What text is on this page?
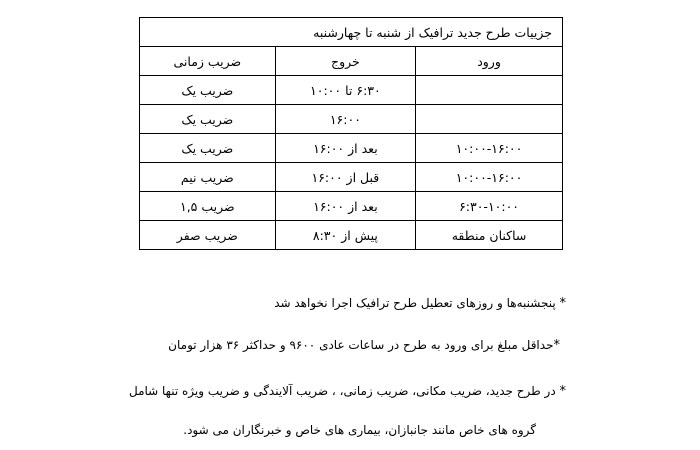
جزییات طرح جدید ترافیک از شنبه تا چهارشنبه		
ورود	خروج	ضریب زمانی
	۶:۳۰ تا ۱۰:۰۰	ضریب یک
	۱۶:۰۰	ضریب یک
۱۰:۰۰-۱۶:۰۰	بعد از ۱۶:۰۰	ضریب یک
۱۰:۰۰-۱۶:۰۰	قبل از ۱۶:۰۰	ضریب نیم
۶:۳۰-۱۰:۰۰	بعد از ۱۶:۰۰	ضریب ۱,۵
ساکنان منطقه	پیش از ۸:۳۰	ضریب صفر
* پنجشنبه‌ها و روزهای تعطیل طرح ترافیک اجرا نخواهد شد
*حداقل مبلغ برای ورود به طرح در ساعات عادی ۹۶۰۰ و حداکثر ۳۶ هزار تومان
* در طرح جدید، ضریب مکانی، ضریب زمانی، ، ضریب آلایندگی و ضریب ویژه تنها شامل
گروه های خاص مانند جانبازان، بیماری های خاص و خبرنگاران می شود.
